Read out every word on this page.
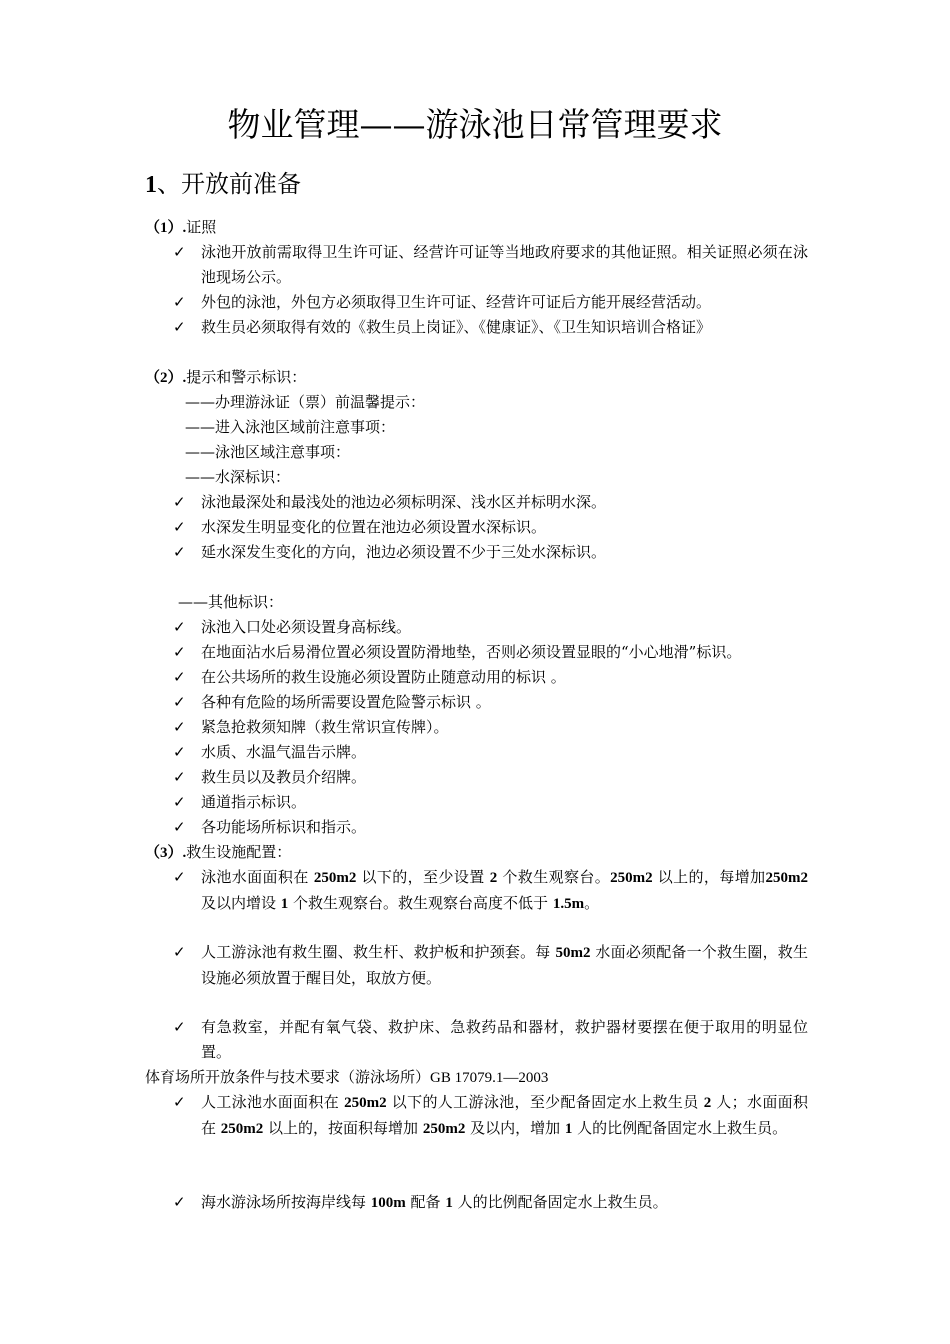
物业管理——游泳池日常管理要求
1、开放前准备
（1）.证照
✓ 泳池开放前需取得卫生许可证、经营许可证等当地政府要求的其他证照。相关证照必须在泳池现场公示。
✓ 外包的泳池，外包方必须取得卫生许可证、经营许可证后方能开展经营活动。
✓ 救生员必须取得有效的《救生员上岗证》、《健康证》、《卫生知识培训合格证》
（2）.提示和警示标识：
——办理游泳证（票）前温馨提示：
——进入泳池区域前注意事项：
——泳池区域注意事项：
——水深标识：
✓ 泳池最深处和最浅处的池边必须标明深、浅水区并标明水深。
✓ 水深发生明显变化的位置在池边必须设置水深标识。
✓ 延水深发生变化的方向，池边必须设置不少于三处水深标识。
——其他标识：
✓ 泳池入口处必须设置身高标线。
✓ 在地面沾水后易滑位置必须设置防滑地垫，否则必须设置显眼的“小心地滑”标识。
✓ 在公共场所的救生设施必须设置防止随意动用的标识 。
✓ 各种有危险的场所需要设置危险警示标识 。
✓ 紧急抢救须知牌（救生常识宣传牌）。
✓ 水质、水温气温告示牌。
✓ 救生员以及教员介绍牌。
✓ 通道指示标识。
✓ 各功能场所标识和指示。
（3）.救生设施配置：
✓ 泳池水面面积在 250m2 以下的，至少设置 2 个救生观察台。250m2 以上的，每增加250m2 及以内增设 1 个救生观察台。救生观察台高度不低于 1.5m。
✓ 人工游泳池有救生圈、救生杆、救护板和护颈套。每 50m2 水面必须配备一个救生圈，救生设施必须放置于醒目处，取放方便。
✓ 有急救室，并配有氧气袋、救护床、急救药品和器材，救护器材要摆在便于取用的明显位置。
体育场所开放条件与技术要求（游泳场所）GB 17079.1—2003
✓ 人工泳池水面面积在 250m2 以下的人工游泳池，至少配备固定水上救生员 2 人；水面面积在 250m2 以上的，按面积每增加 250m2 及以内，增加 1 人的比例配备固定水上救生员。
✓ 海水游泳场所按海岸线每 100m 配备 1 人的比例配备固定水上救生员。
